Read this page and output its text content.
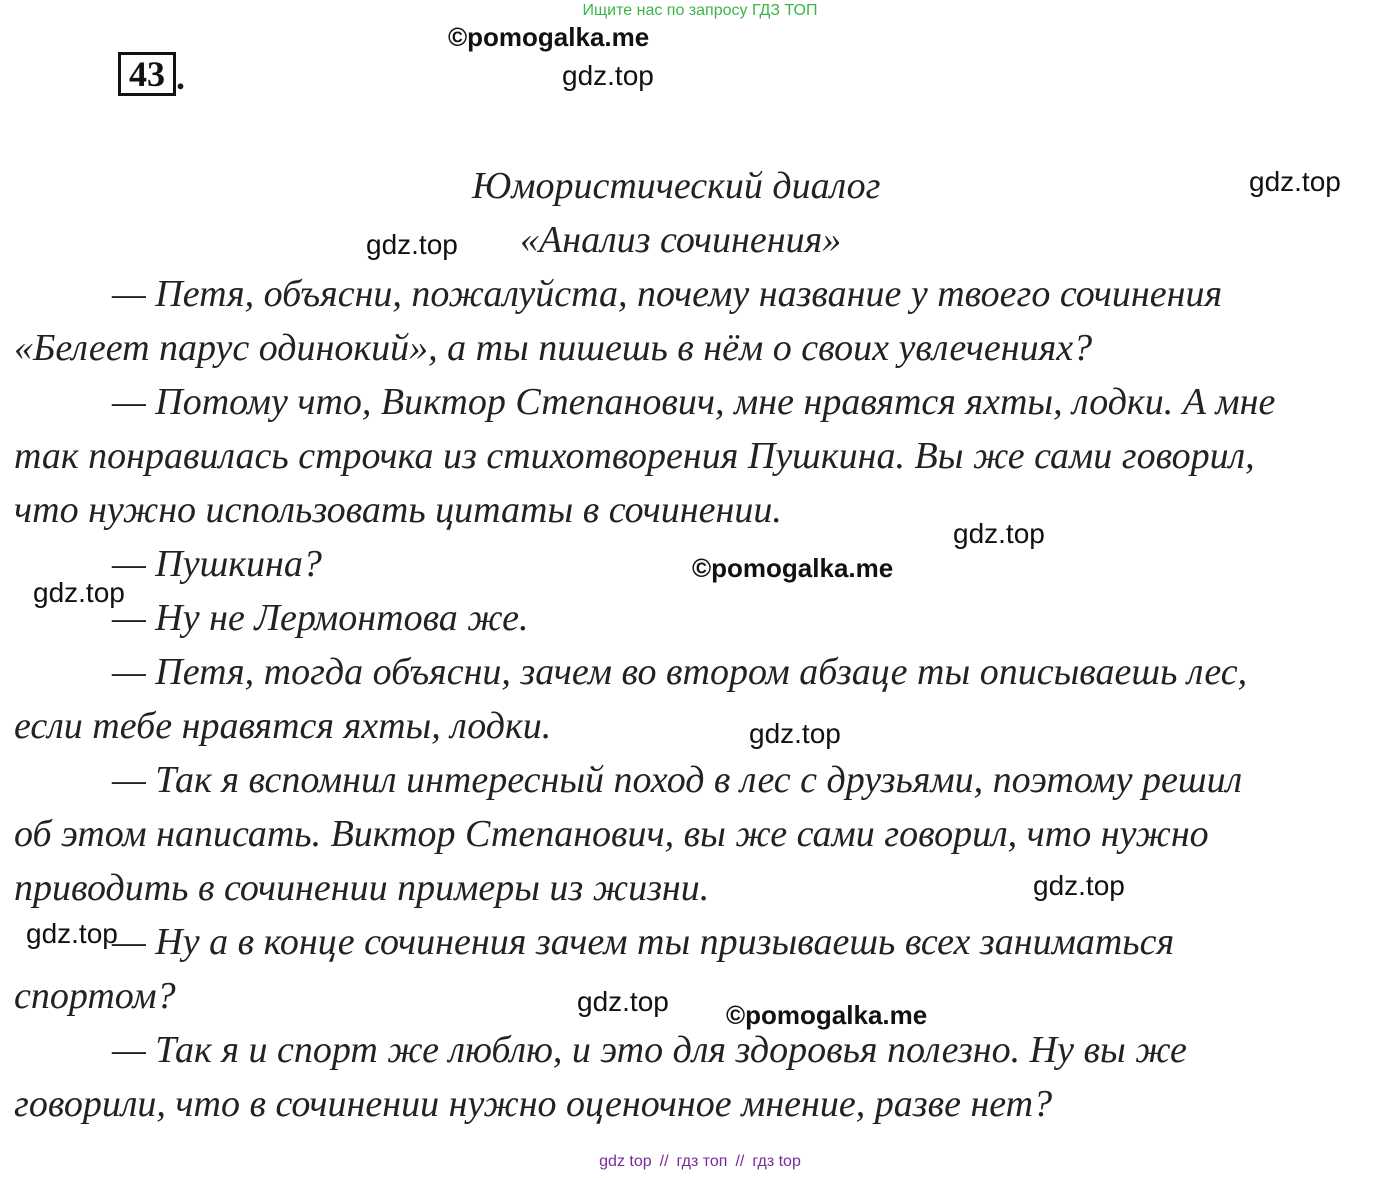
Ищите нас по запросу ГДЗ ТОП
43 .
©pomogalka.me
gdz.top
gdz.top
gdz.top
gdz.top
©pomogalka.me
gdz.top
gdz.top
gdz.top
gdz.top
gdz.top ©pomogalka.me
Юмористический диалог
«Анализ сочинения»
— Петя, объясни, пожалуйста, почему название у твоего сочинения
«Белеет парус одинокий», а ты пишешь в нём о своих увлечениях?
— Потому что, Виктор Степанович, мне нравятся яхты, лодки. А мне
так понравилась строчка из стихотворения Пушкина. Вы же сами говорил,
что нужно использовать цитаты в сочинении.
— Пушкина?
— Ну не Лермонтова же.
— Петя, тогда объясни, зачем во втором абзаце ты описываешь лес,
если тебе нравятся яхты, лодки.
— Так я вспомнил интересный поход в лес с друзьями, поэтому решил
об этом написать. Виктор Степанович, вы же сами говорил, что нужно
приводить в сочинении примеры из жизни.
— Ну а в конце сочинения зачем ты призываешь всех заниматься
спортом?
— Так я и спорт же люблю, и это для здоровья полезно. Ну вы же
говорили, что в сочинении нужно оценочное мнение, разве нет?
gdz top // гдз топ // гдз top
